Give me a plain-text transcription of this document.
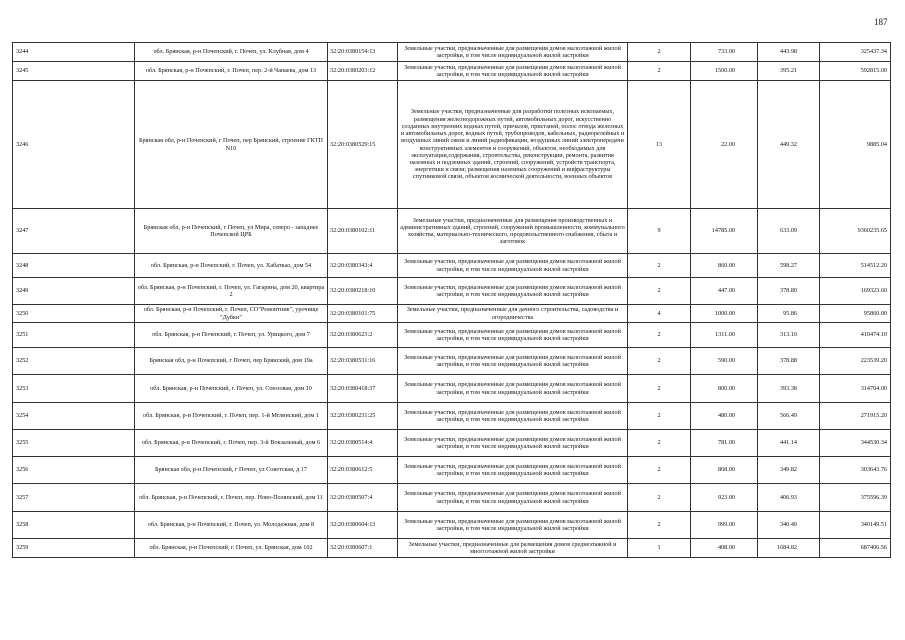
187
3244	обл. Брянская, р-н Почепский, г. Почеп, ул. Клубная, дом 4	32:20:0380154:13	Земельные участки, предназначенные для размещения домов малоэтажной жилой застройки, в том числе индивидуальной жилой застройки	2	733.00	443.98	325437.34
3245	обл. Брянская, р-н Почепский, г. Почеп, пер. 2-й Чапаева, дом 13	32:20:0380203:12	Земельные участки, предназначенные для размещения домов малоэтажной жилой застройки, в том числе индивидуальной жилой застройки	2	1500.00	395.21	592815.00
3246	Брянская обл, р-н Почепский, г Почеп, пер Брянский, строение ГКТП N10	32:20:0380529:15	Земельные участки, предназначенные для разработки полезных ископаемых, размещения железнодорожных путей, автомобильных дорог, искусственно созданных внутренних водных путей, причалов, пристаней, полос отвода железных и автомобильных дорог, водных путей, трубопроводов, кабельных, радиорелейных и воздушных линий связи и линий радиофикации, воздушных линий электропередачи конструктивных элементов и сооружений, объектов, необходимых для эксплуатации,содержания, строительства, реконструкции, ремонта, развития наземных и подземных зданий, строений, сооружений, устройств транспорта, энергетики и связи; размещения наземных сооружений и инфраструктуры спутниковой связи, объектов космической деятельности, военных объектов	13	22.00	449.32	9885.04
3247	Брянская обл, р-н Почепский, г Почеп, ул Мира, северо - западнее Почепской ЦРБ	32:20:0380102:11	Земельные участки, предназначенные для размещения производственных и административных зданий, строений, сооружений промышленности, коммунального хозяйства, материально-технического, продовольственного снабжения, сбыта и заготовок	9	14785.00	633.09	9360235.65
3248	обл. Брянская, р-н Почепский, г. Почеп, ул. Хабаткао, дом 54	32:20:0380343:4	Земельные участки, предназначенные для размещения домов малоэтажной жилой застройки, в том числе индивидуальной жилой застройки	2	860.00	598.27	514512.20
3249	обл. Брянская, р-н Почепский, г. Почеп, ул. Гагарина, дом 20, квартира 2	32:20:0380218:10	Земельные участки, предназначенные для размещения домов малоэтажной жилой застройки, в том числе индивидуальной жилой застройки	2	447.00	378.80	169323.60
3250	обл. Брянская, р-н Почепский, г. Почеп, СО"Ремонтник", урочище "Дубки"	32:20:0380101:75	Земельные участки, предназначенные для дачного строительства, садоводства и огородничества	4	1000.00	95.86	95860.00
3251	обл. Брянская, р-н Почепский, г. Почеп, ул. Урицкого, дом 7	32:20:0380623:2	Земельные участки, предназначенные для размещения домов малоэтажной жилой застройки, в том числе индивидуальной жилой застройки	2	1311.00	313.10	410474.10
3252	Брянская обл, р-н Почепский, г Почеп, пер Брянский, дом 19а	32:20:0380531:16	Земельные участки, предназначенные для размещения домов малоэтажной жилой застройки, в том числе индивидуальной жилой застройки	2	590.00	378.88	223539.20
3253	обл. Брянская, р-н Почепский, г. Почеп, ул. Союзовая, дом 10	32:20:0380418:37	Земельные участки, предназначенные для размещения домов малоэтажной жилой застройки, в том числе индивидуальной жилой застройки	2	800.00	393.38	314704.00
3254	обл. Брянская, р-н Почепский, г. Почеп, пер. 1-й Мглинский, дом 1	32:20:0380231:25	Земельные участки, предназначенные для размещения домов малоэтажной жилой застройки, в том числе индивидуальной жилой застройки	2	480.00	566.49	271915.20
3255	обл. Брянская, р-н Почепский, г. Почеп, пер. 3-й Вокзальный, дом 6	32:20:0380514:4	Земельные участки, предназначенные для размещения домов малоэтажной жилой застройки, в том числе индивидуальной жилой застройки	2	781.00	441.14	344530.34
3256	Брянская обл, р-н Почепский, г Почеп, ул Советская, д 17	32:20:0380612:5	Земельные участки, предназначенные для размещения домов малоэтажной жилой застройки, в том числе индивидуальной жилой застройки	2	868.00	349.82	303643.76
3257	обл. Брянская, р-н Почепский, г. Почеп, пер. Ново-Полянский, дом 11	32:20:0380507:4	Земельные участки, предназначенные для размещения домов малоэтажной жилой застройки, в том числе индивидуальной жилой застройки	2	923.00	406.93	375596.39
3258	обл. Брянская, р-н Почепский, г. Почеп, ул. Молодежная, дом 8	32:20:0380604:13	Земельные участки, предназначенные для размещения домов малоэтажной жилой застройки, в том числе индивидуальной жилой застройки	2	999.00	340.49	340149.51
3259	обл. Брянская, р-н Почепский, г. Почеп, ул. Брянская, дом 102	32:20:0380607:1	Земельные участки, предназначенные для размещения домов среднеэтажной и многоэтажной жилой застройки	1	408.00	1684.82	687406.56
